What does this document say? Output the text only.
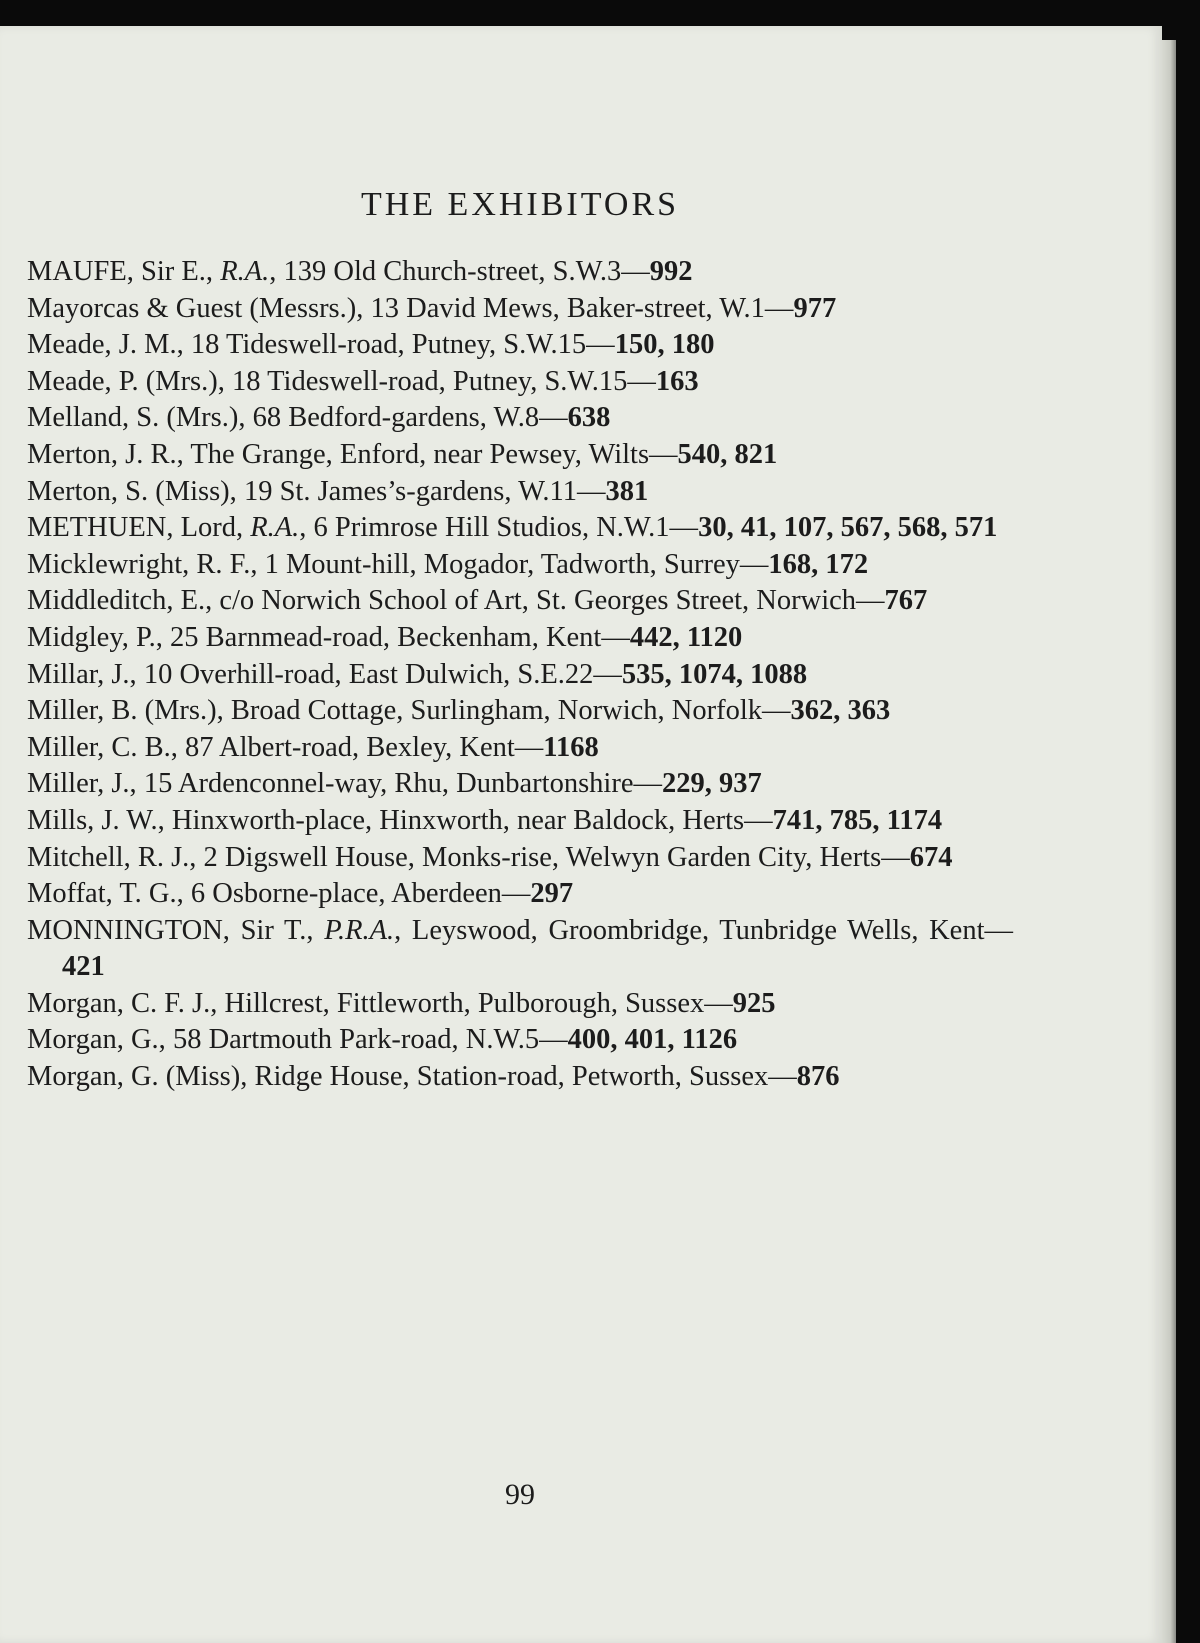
THE EXHIBITORS

MAUFE, Sir E., R.A., 139 Old Church-street, S.W.3—992

Mayorcas & Guest (Messrs.), 13 David Mews, Baker-street, W.1—977

Meade, J. M., 18 Tideswell-road, Putney, S.W.15—150, 180

Meade, P. (Mrs.), 18 Tideswell-road, Putney, S.W.15—163

Melland, S. (Mrs.), 68 Bedford-gardens, W.8—638

Merton, J. R., The Grange, Enford, near Pewsey, Wilts—540, 821

Merton, S. (Miss), 19 St. James’s-gardens, W.11—381

METHUEN, Lord, R.A., 6 Primrose Hill Studios, N.W.1—30, 41, 107, 567, 568, 571

Micklewright, R. F., 1 Mount-hill, Mogador, Tadworth, Surrey—168, 172

Middleditch, E., c/o Norwich School of Art, St. Georges Street, Norwich—767

Midgley, P., 25 Barnmead-road, Beckenham, Kent—442, 1120

Millar, J., 10 Overhill-road, East Dulwich, S.E.22—535, 1074, 1088

Miller, B. (Mrs.), Broad Cottage, Surlingham, Norwich, Norfolk—362, 363

Miller, C. B., 87 Albert-road, Bexley, Kent—1168

Miller, J., 15 Ardenconnel-way, Rhu, Dunbartonshire—229, 937

Mills, J. W., Hinxworth-place, Hinxworth, near Baldock, Herts—741, 785, 1174

Mitchell, R. J., 2 Digswell House, Monks-rise, Welwyn Garden City, Herts—674

Moffat, T. G., 6 Osborne-place, Aberdeen—297

MONNINGTON, Sir T., P.R.A., Leyswood, Groombridge, Tunbridge Wells, Kent—421

Morgan, C. F. J., Hillcrest, Fittleworth, Pulborough, Sussex—925

Morgan, G., 58 Dartmouth Park-road, N.W.5—400, 401, 1126

Morgan, G. (Miss), Ridge House, Station-road, Petworth, Sussex—876

99
